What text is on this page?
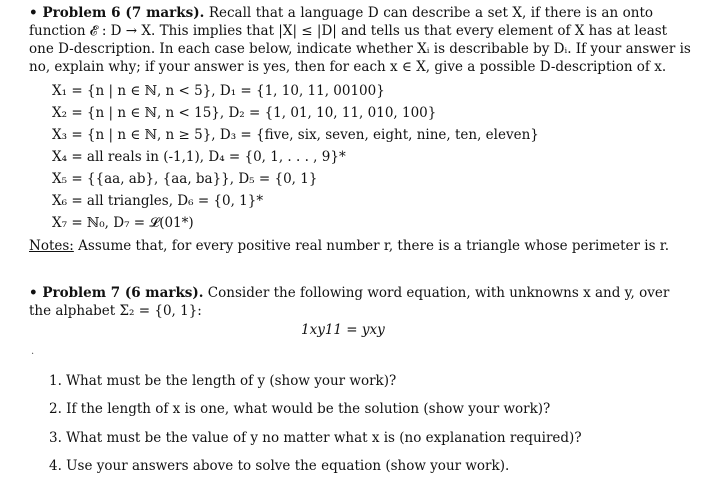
• Problem 6 (7 marks). Recall that a language D can describe a set X, if there is an onto
function 𝓔 : D → X. This implies that |X| ≤ |D| and tells us that every element of X has at least
one D-description. In each case below, indicate whether Xᵢ is describable by Dᵢ. If your answer is
no, explain why; if your answer is yes, then for each x ∈ X, give a possible D-description of x.
X₁ = {n | n ∈ ℕ, n < 5}, D₁ = {1, 10, 11, 00100}
X₂ = {n | n ∈ ℕ, n < 15}, D₂ = {1, 01, 10, 11, 010, 100}
X₃ = {n | n ∈ ℕ, n ≥ 5}, D₃ = {five, six, seven, eight, nine, ten, eleven}
X₄ = all reals in (-1,1), D₄ = {0, 1, . . . , 9}*
X₅ = {{aa, ab}, {aa, ba}}, D₅ = {0, 1}
X₆ = all triangles, D₆ = {0, 1}*
X₇ = ℕ₀, D₇ = 𝓛(01*)
Notes: Assume that, for every positive real number r, there is a triangle whose perimeter is r.
• Problem 7 (6 marks). Consider the following word equation, with unknowns x and y, over
the alphabet Σ₂ = {0, 1}:
1xy11 = yxy
.
1. What must be the length of y (show your work)?
2. If the length of x is one, what would be the solution (show your work)?
3. What must be the value of y no matter what x is (no explanation required)?
4. Use your answers above to solve the equation (show your work).
